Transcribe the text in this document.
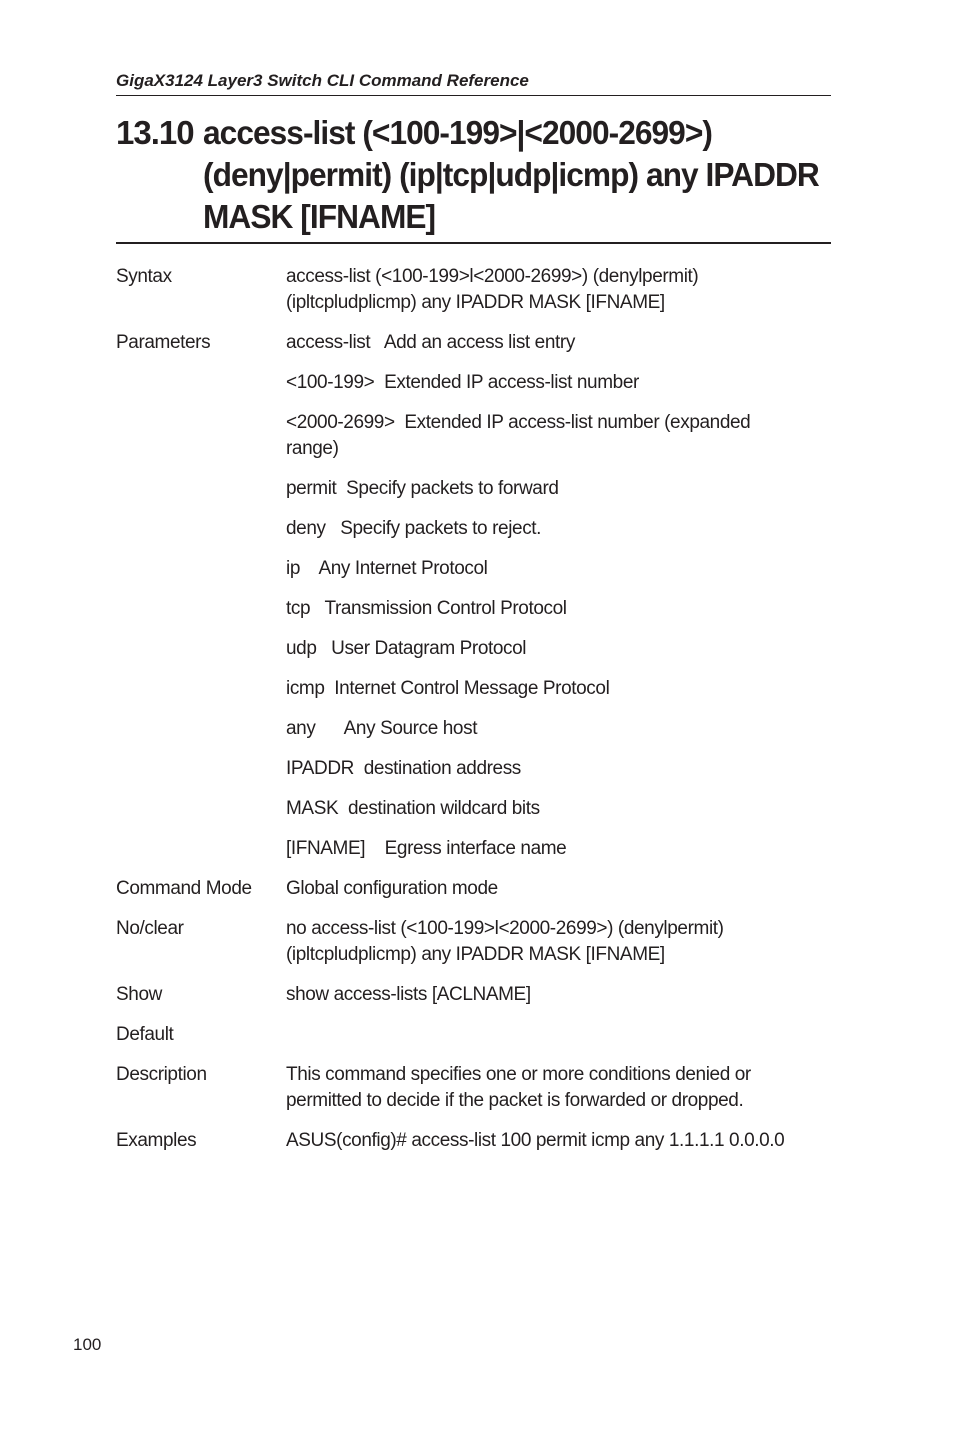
GigaX3124 Layer3 Switch CLI Command Reference
13.10 access-list (<100-199>|<2000-2699>)
(deny|permit) (ip|tcp|udp|icmp) any IPADDR
MASK [IFNAME]
Syntax	access-list (<100-199>l<2000-2699>) (denylpermit)
(ipltcpludplicmp) any IPADDR MASK [IFNAME]
Parameters	access-list   Add an access list entry
<100-199>  Extended IP access-list number
<2000-2699>  Extended IP access-list number (expanded
range)
permit  Specify packets to forward
deny   Specify packets to reject.
ip    Any Internet Protocol
tcp   Transmission Control Protocol
udp   User Datagram Protocol
icmp  Internet Control Message Protocol
any      Any Source host
IPADDR  destination address
MASK  destination wildcard bits
[IFNAME]    Egress interface name
Command Mode	Global configuration mode
No/clear	no access-list (<100-199>l<2000-2699>) (denylpermit)
(ipltcpludplicmp) any IPADDR MASK [IFNAME]
Show	show access-lists [ACLNAME]
Default
Description	This command specifies one or more conditions denied or
permitted to decide if the packet is forwarded or dropped.
Examples	ASUS(config)# access-list 100 permit icmp any 1.1.1.1 0.0.0.0
100
